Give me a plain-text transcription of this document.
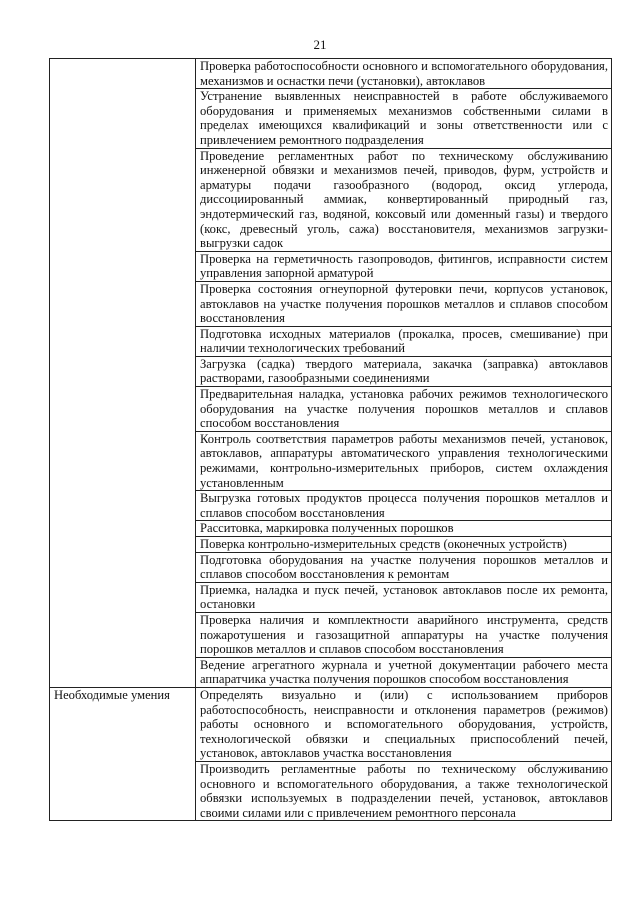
21
	Проверка работоспособности основного и вспомогательного оборудования, механизмов и оснастки печи (установки), автоклавов
	Устранение выявленных неисправностей в работе обслуживаемого оборудования и применяемых механизмов собственными силами в пределах имеющихся квалификаций и зоны ответственности или с привлечением ремонтного подразделения
	Проведение регламентных работ по техническому обслуживанию инженерной обвязки и механизмов печей, приводов, фурм, устройств и арматуры подачи газообразного (водород, оксид углерода, диссоциированный аммиак, конвертированный природный газ, эндотермический газ, водяной, коксовый или доменный газы) и твердого (кокс, древесный уголь, сажа) восстановителя, механизмов загрузки-выгрузки садок
	Проверка на герметичность газопроводов, фитингов, исправности систем управления запорной арматурой
	Проверка состояния огнеупорной футеровки печи, корпусов установок, автоклавов на участке получения порошков металлов и сплавов способом восстановления
	Подготовка исходных материалов (прокалка, просев, смешивание) при наличии технологических требований
	Загрузка (садка) твердого материала, закачка (заправка) автоклавов растворами, газообразными соединениями
	Предварительная наладка, установка рабочих режимов технологического оборудования на участке получения порошков металлов и сплавов способом восстановления
	Контроль соответствия параметров работы механизмов печей, установок, автоклавов, аппаратуры автоматического управления технологическими режимами, контрольно-измерительных приборов, систем охлаждения установленным
	Выгрузка готовых продуктов процесса получения порошков металлов и сплавов способом восстановления
	Расситовка, маркировка полученных порошков
	Поверка контрольно-измерительных средств (оконечных устройств)
	Подготовка оборудования на участке получения порошков металлов и сплавов способом восстановления к ремонтам
	Приемка, наладка и пуск печей, установок автоклавов после их ремонта, остановки
	Проверка наличия и комплектности аварийного инструмента, средств пожаротушения и газозащитной аппаратуры на участке получения порошков металлов и сплавов способом восстановления
	Ведение агрегатного журнала и учетной документации рабочего места аппаратчика участка получения порошков способом восстановления
Необходимые умения	Определять визуально и (или) с использованием приборов работоспособность, неисправности и отклонения параметров (режимов) работы основного и вспомогательного оборудования, устройств, технологической обвязки и специальных приспособлений печей, установок, автоклавов участка восстановления
	Производить регламентные работы по техническому обслуживанию основного и вспомогательного оборудования, а также технологической обвязки используемых в подразделении печей, установок, автоклавов своими силами или с привлечением ремонтного персонала
